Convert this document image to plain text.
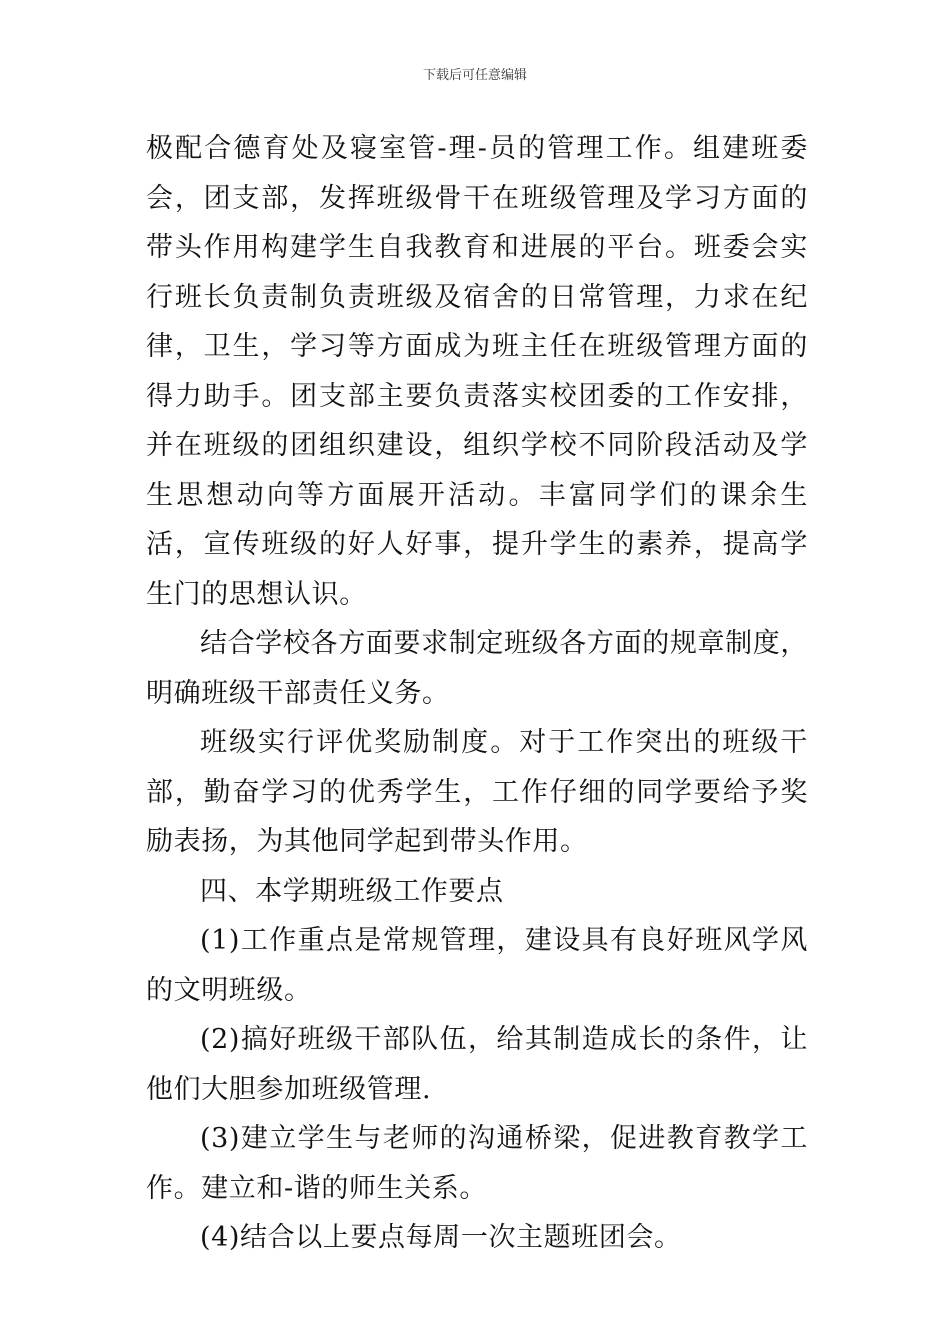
下载后可任意编辑

极配合德育处及寝室管-理-员的管理工作。组建班委会，团支部，发挥班级骨干在班级管理及学习方面的带头作用构建学生自我教育和进展的平台。班委会实行班长负责制负责班级及宿舍的日常管理，力求在纪律，卫生，学习等方面成为班主任在班级管理方面的得力助手。团支部主要负责落实校团委的工作安排，并在班级的团组织建设，组织学校不同阶段活动及学生思想动向等方面展开活动。丰富同学们的课余生活，宣传班级的好人好事，提升学生的素养，提高学生门的思想认识。

结合学校各方面要求制定班级各方面的规章制度，明确班级干部责任义务。

班级实行评优奖励制度。对于工作突出的班级干部，勤奋学习的优秀学生，工作仔细的同学要给予奖励表扬，为其他同学起到带头作用。

四、本学期班级工作要点

(1)工作重点是常规管理，建设具有良好班风学风的文明班级。

(2)搞好班级干部队伍，给其制造成长的条件，让他们大胆参加班级管理.

(3)建立学生与老师的沟通桥梁，促进教育教学工作。建立和-谐的师生关系。

(4)结合以上要点每周一次主题班团会。
